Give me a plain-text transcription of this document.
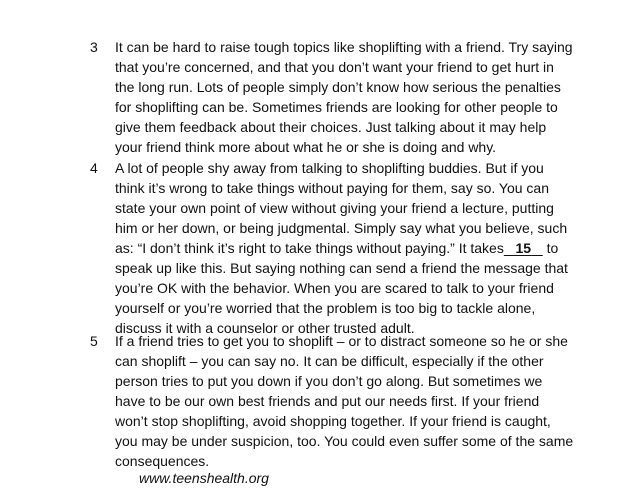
3 It can be hard to raise tough topics like shoplifting with a friend. Try saying
that you’re concerned, and that you don’t want your friend to get hurt in
the long run. Lots of people simply don’t know how serious the penalties
for shoplifting can be. Sometimes friends are looking for other people to
give them feedback about their choices. Just talking about it may help
your friend think more about what he or she is doing and why.
4 A lot of people shy away from talking to shoplifting buddies. But if you
think it’s wrong to take things without paying for them, say so. You can
state your own point of view without giving your friend a lecture, putting
him or her down, or being judgmental. Simply say what you believe, such
as: “I don’t think it’s right to take things without paying.” It takes 15 to
speak up like this. But saying nothing can send a friend the message that
you’re OK with the behavior. When you are scared to talk to your friend
yourself or you’re worried that the problem is too big to tackle alone,
discuss it with a counselor or other trusted adult.
5 If a friend tries to get you to shoplift – or to distract someone so he or she
can shoplift – you can say no. It can be difficult, especially if the other
person tries to put you down if you don’t go along. But sometimes we
have to be our own best friends and put our needs first. If your friend
won’t stop shoplifting, avoid shopping together. If your friend is caught,
you may be under suspicion, too. You could even suffer some of the same
consequences.
www.teenshealth.org
